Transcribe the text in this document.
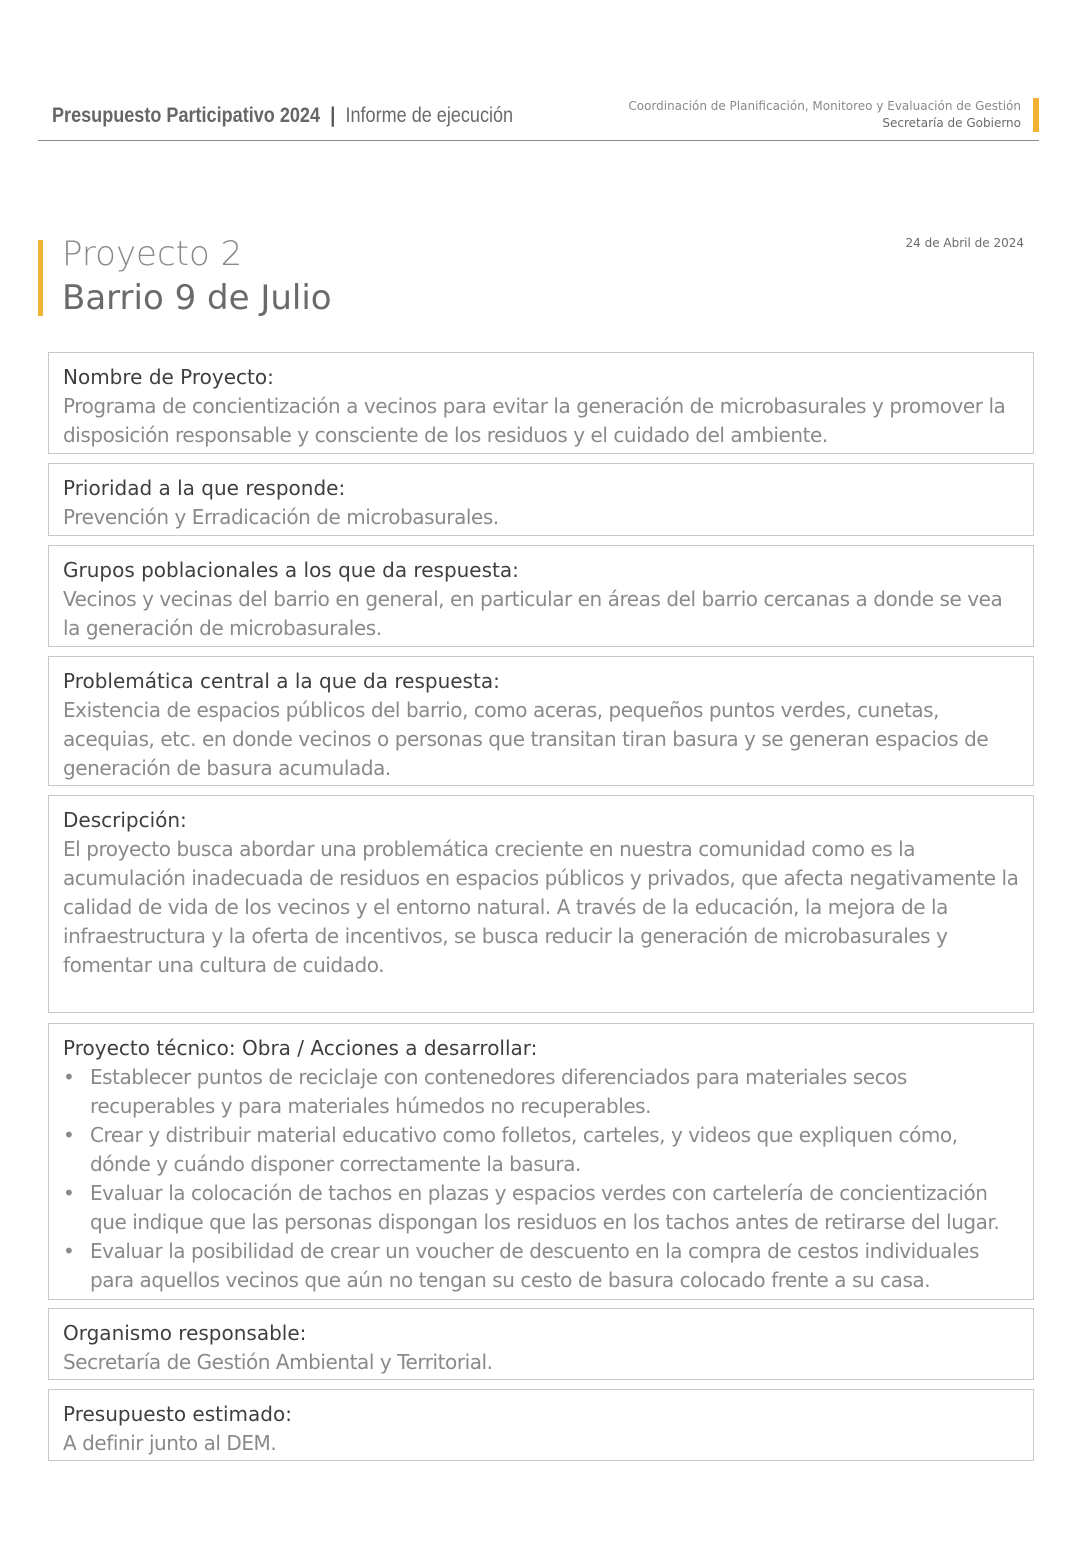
Presupuesto Participativo 2024 | Informe de ejecución	Coordinación de Planificación, Monitoreo y Evaluación de Gestión
Secretaría de Gobierno
Proyecto 2
Barrio 9 de Julio
24 de Abril de 2024
Nombre de Proyecto:
Programa de concientización a vecinos para evitar la generación de microbasurales y promover la disposición responsable y consciente de los residuos y el cuidado del ambiente.
Prioridad a la que responde:
Prevención y Erradicación de microbasurales.
Grupos poblacionales a los que da respuesta:
Vecinos y vecinas del barrio en general, en particular en áreas del barrio cercanas a donde se vea la generación de microbasurales.
Problemática central a la que da respuesta:
Existencia de espacios públicos del barrio, como aceras, pequeños puntos verdes, cunetas, acequias, etc. en donde vecinos o personas que transitan tiran basura y se generan espacios de generación de basura acumulada.
Descripción:
El proyecto busca abordar una problemática creciente en nuestra comunidad como es la acumulación inadecuada de residuos en espacios públicos y privados, que afecta negativamente la calidad de vida de los vecinos y el entorno natural. A través de la educación, la mejora de la infraestructura y la oferta de incentivos, se busca reducir la generación de microbasurales y fomentar una cultura de cuidado.
Proyecto técnico: Obra / Acciones a desarrollar:
• Establecer puntos de reciclaje con contenedores diferenciados para materiales secos recuperables y para materiales húmedos no recuperables.
• Crear y distribuir material educativo como folletos, carteles, y videos que expliquen cómo, dónde y cuándo disponer correctamente la basura.
• Evaluar la colocación de tachos en plazas y espacios verdes con cartelería de concientización que indique que las personas dispongan los residuos en los tachos antes de retirarse del lugar.
• Evaluar la posibilidad de crear un voucher de descuento en la compra de cestos individuales para aquellos vecinos que aún no tengan su cesto de basura colocado frente a su casa.
Organismo responsable:
Secretaría de Gestión Ambiental y Territorial.
Presupuesto estimado:
A definir junto al DEM.
